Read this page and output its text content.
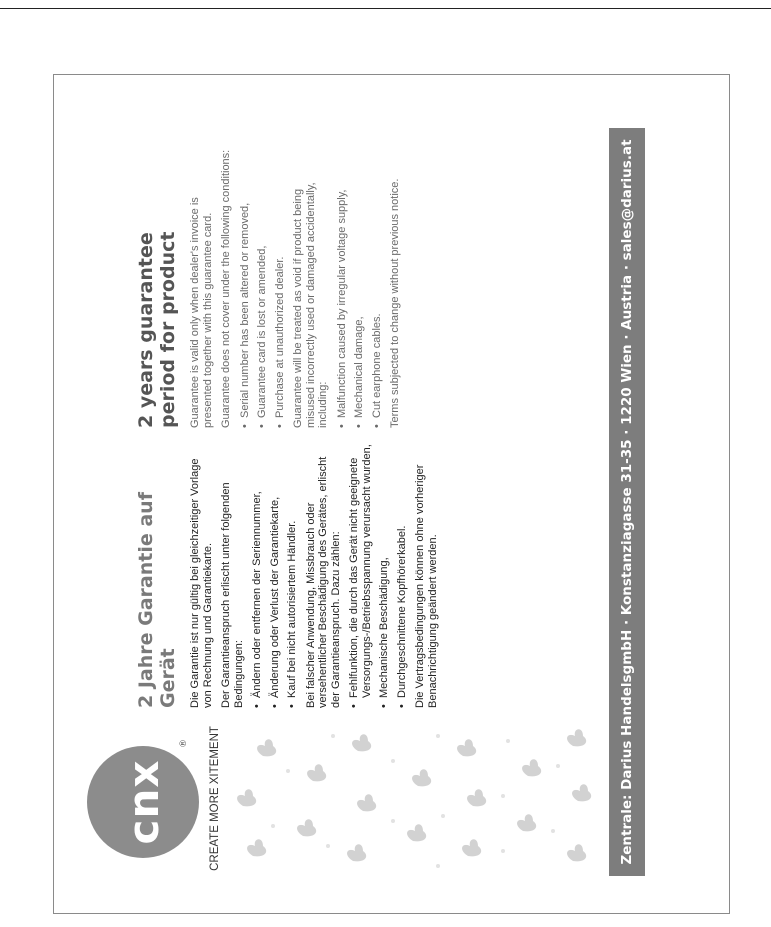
cnx
® CREATE MORE XITEMENT
2 Jahre Garantie auf Gerät Die Garantie ist nur gültig bei gleichzeitiger Vorlage von Rechnung und Garantiekarte. Der Garantieanspruch erlischt unter folgenden Bedingungen: • Ändern oder entfernen der Seriennummer, • Änderung oder Verlust der Garantiekarte, • Kauf bei nicht autorisiertem Händler. Bei falscher Anwendung, Missbrauch oder versehentlicher Beschädigung des Gerätes, erlischt der Garantieanspruch. Dazu zählen: • Fehlfunktion, die durch das Gerät nicht geeignete Versorgungs-/Betriebsspannung verursacht wurden, • Mechanische Beschädigung, • Durchgeschnittene Kopfhörerkabel. Die Vertragsbedingungen können ohne vorheriger Benachrichtigung geändert werden.
2 years guarantee period for product Guarantee is valid only when dealer's invoice is presented together with this guarantee card. Guarantee does not cover under the following conditions: • Serial number has been altered or removed, • Guarantee card is lost or amended, • Purchase at unauthorized dealer. Guarantee will be treated as void if product being misused incorrectly used or damaged accidentally, including: • Malfunction caused by irregular voltage supply, • Mechanical damage, • Cut earphone cables. Terms subjected to change without previous notice.	Zentrale: Darius HandelsgmbH · Konstanziagasse 31-35 · 1220 Wien · Austria · sales@darius.at
